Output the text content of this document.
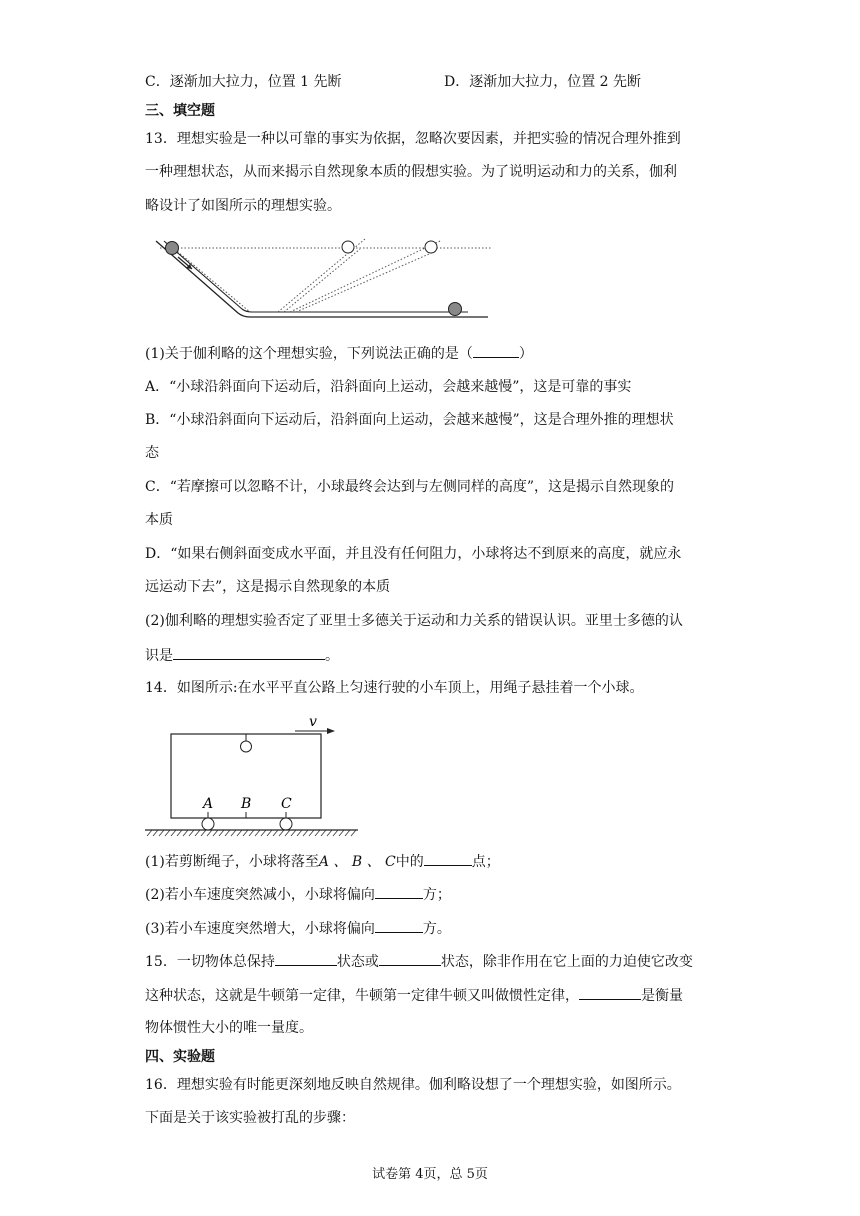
C．逐渐加大拉力，位置 1 先断	D．逐渐加大拉力，位置 2 先断
三、填空题
13．理想实验是一种以可靠的事实为依据，忽略次要因素，并把实验的情况合理外推到
一种理想状态，从而来揭示自然现象本质的假想实验。为了说明运动和力的关系，伽利
略设计了如图所示的理想实验。
(1)关于伽利略的这个理想实验，下列说法正确的是（	）
A．“小球沿斜面向下运动后，沿斜面向上运动，会越来越慢”，这是可靠的事实
B．“小球沿斜面向下运动后，沿斜面向上运动，会越来越慢”，这是合理外推的理想状
态
C．“若摩擦可以忽略不计，小球最终会达到与左侧同样的高度”，这是揭示自然现象的
本质
D．“如果右侧斜面变成水平面，并且没有任何阻力，小球将达不到原来的高度，就应永
远运动下去”，这是揭示自然现象的本质
(2)伽利略的理想实验否定了亚里士多德关于运动和力关系的错误认识。亚里士多德的认
识是	。
14．如图所示:在水平平直公路上匀速行驶的小车顶上，用绳子悬挂着一个小球。
v
A B C
(1)若剪断绳子，小球将落至A 、 B 、 C中的	点；
(2)若小车速度突然减小，小球将偏向	方；
(3)若小车速度突然增大，小球将偏向	方。
15．一切物体总保持	状态或	状态，除非作用在它上面的力迫使它改变
这种状态，这就是牛顿第一定律，牛顿第一定律牛顿又叫做惯性定律，	是衡量
物体惯性大小的唯一量度。
四、实验题
16．理想实验有时能更深刻地反映自然规律。伽利略设想了一个理想实验，如图所示。
下面是关于该实验被打乱的步骤：
试卷第 4页，总 5页
